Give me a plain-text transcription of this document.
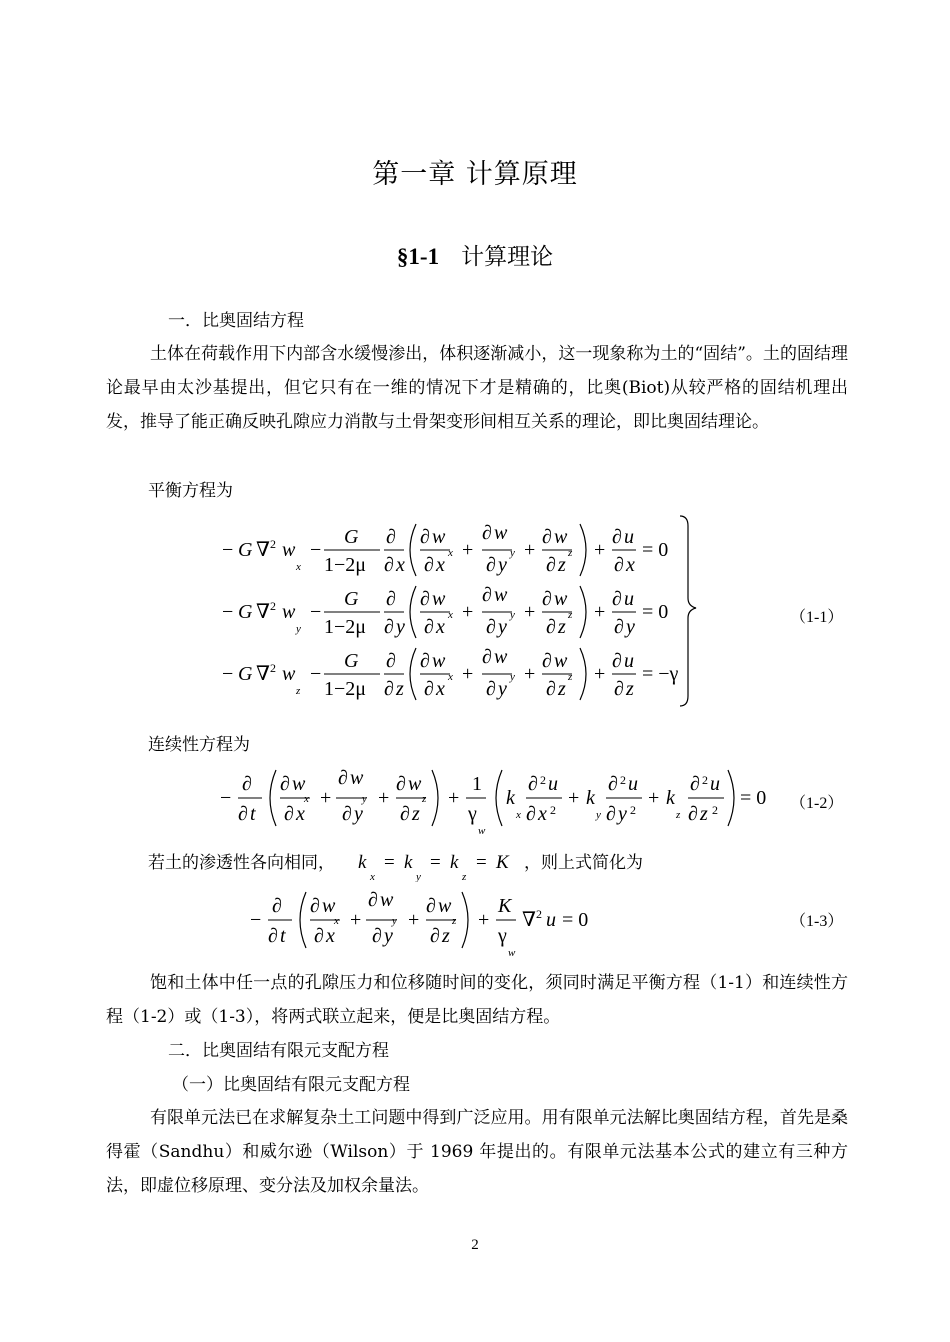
第一章 计算原理
§1-1 计算理论
一．比奥固结方程
土体在荷载作用下内部含水缓慢渗出，体积逐渐减小，这一现象称为土的“固结”。土的固结理论最早由太沙基提出，但它只有在一维的情况下才是精确的，比奥(Biot)从较严格的固结机理出发，推导了能正确反映孔隙应力消散与土骨架变形间相互关系的理论，即比奥固结理论。
平衡方程为
− G ∇ 2 w
x
−
G
1−2μ
∂
∂ x
∂ w
∂ x
x +
∂ w
∂ y
y +
∂ w
∂ z
z +
∂ u
∂ x
= 0
− G ∇ 2 w
y
−
G
1−2μ
∂
∂ y
∂ w
∂ x
x +
∂ w
∂ y
y +
∂ w
∂ z
z +
∂ u
∂ y
= 0
− G ∇ 2 w
z
−
G
1−2μ
∂
∂ z
∂ w
∂ x
x +
∂ w
∂ y
y +
∂ w
∂ z
z +
∂ u
∂ z
= −γ
（1-1）
连续性方程为
−
∂
∂ t
∂ w
∂ x
x +
∂ w
∂ y
y +
∂ w
∂ z
z +
1
γ
w
k
x
∂ 2 u
∂ x 2
+ k
y
∂ 2 u
∂ y 2
+ k
z
∂ 2 u
∂ z 2
= 0 （1-2）
若土的渗透性各向相同， k
x
= k
y
= k
z
= K ，则上式简化为
−
∂
∂ t
∂ w
∂ x
x +
∂ w
∂ y
y +
∂ w
∂ z
z +
K
γ
w
∇ 2 u = 0	（1-3）
饱和土体中任一点的孔隙压力和位移随时间的变化，须同时满足平衡方程（1-1）和连续性方程（1-2）或（1-3），将两式联立起来，便是比奥固结方程。
二．比奥固结有限元支配方程
（一）比奥固结有限元支配方程
有限单元法已在求解复杂土工问题中得到广泛应用。用有限单元法解比奥固结方程，首先是桑得霍（Sandhu）和威尔逊（Wilson）于 1969 年提出的。有限单元法基本公式的建立有三种方法，即虚位移原理、变分法及加权余量法。
2
